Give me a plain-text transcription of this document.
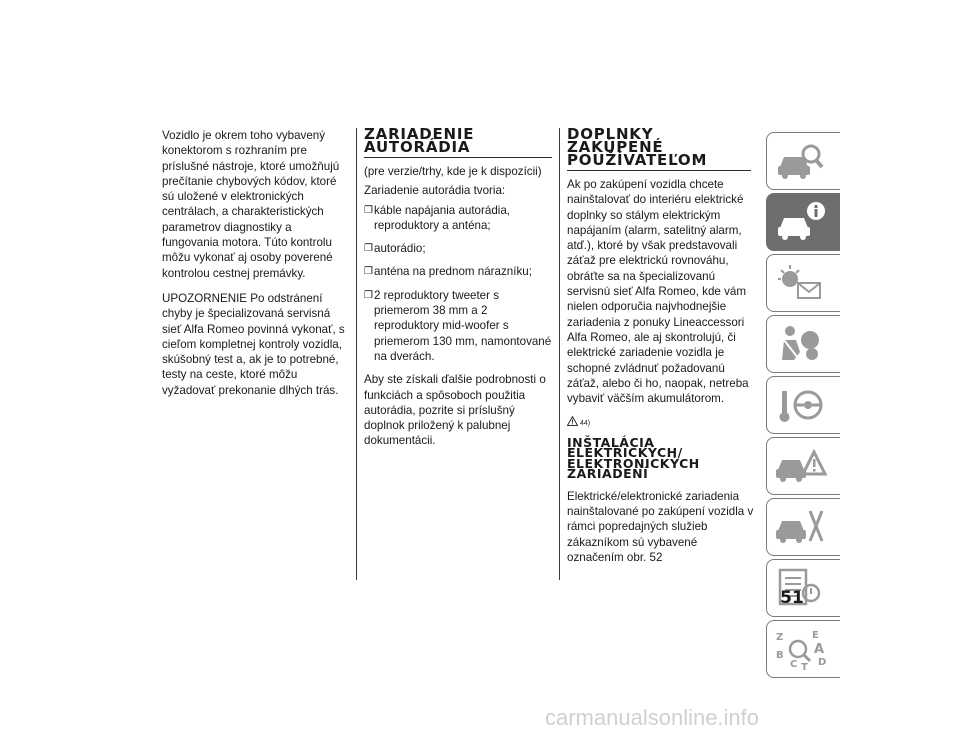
Vozidlo je okrem toho vybavený konektorom s rozhraním pre príslušné nástroje, ktoré umožňujú prečítanie chybových kódov, ktoré sú uložené v elektronických centrálach, a charakteristických parametrov diagnostiky a fungovania motora. Túto kontrolu môžu vykonať aj osoby poverené kontrolou cestnej premávky.

UPOZORNENIE Po odstránení chyby je špecializovaná servisná sieť Alfa Romeo povinná vykonať, s cieľom kompletnej kontroly vozidla, skúšobný test a, ak je to potrebné, testy na ceste, ktoré môžu vyžadovať prekonanie dlhých trás.

ZARIADENIE AUTORÁDIA

(pre verzie/trhy, kde je k dispozícii)

Zariadenie autorádia tvoria:

❒ káble napájania autorádia, reproduktory a anténa;
❒ autorádio;
❒ anténa na prednom nárazníku;
❒ 2 reproduktory tweeter s priemerom 38 mm a 2 reproduktory mid-woofer s priemerom 130 mm, namontované na dverách.

Aby ste získali ďalšie podrobnosti o funkciách a spôsoboch použitia autorádia, pozrite si príslušný doplnok priložený k palubnej dokumentácii.

DOPLNKY ZAKÚPENÉ POUŽÍVATEĽOM

Ak po zakúpení vozidla chcete nainštalovať do interiéru elektrické doplnky so stálym elektrickým napájaním (alarm, satelitný alarm, atď.), ktoré by však predstavovali záťaž pre elektrickú rovnováhu, obráťte sa na špecializovanú servisnú sieť Alfa Romeo, kde vám nielen odporučia najvhodnejšie zariadenia z ponuky Lineaccessori Alfa Romeo, ale aj skontrolujú, či elektrické zariadenie vozidla je schopné zvládnuť požadovanú záťaž, alebo či ho, naopak, netreba vybaviť väčším akumulátorom.

44)
INŠTALÁCIA ELEKTRICKÝCH/ ELEKTRONICKÝCH ZARIADENÍ

Elektrické/elektronické zariadenia nainštalované po zakúpení vozidla v rámci popredajných služieb zákazníkom sú vybavené označením obr. 52

Z	E
B A
C T D
51
carmanualsonline.info
